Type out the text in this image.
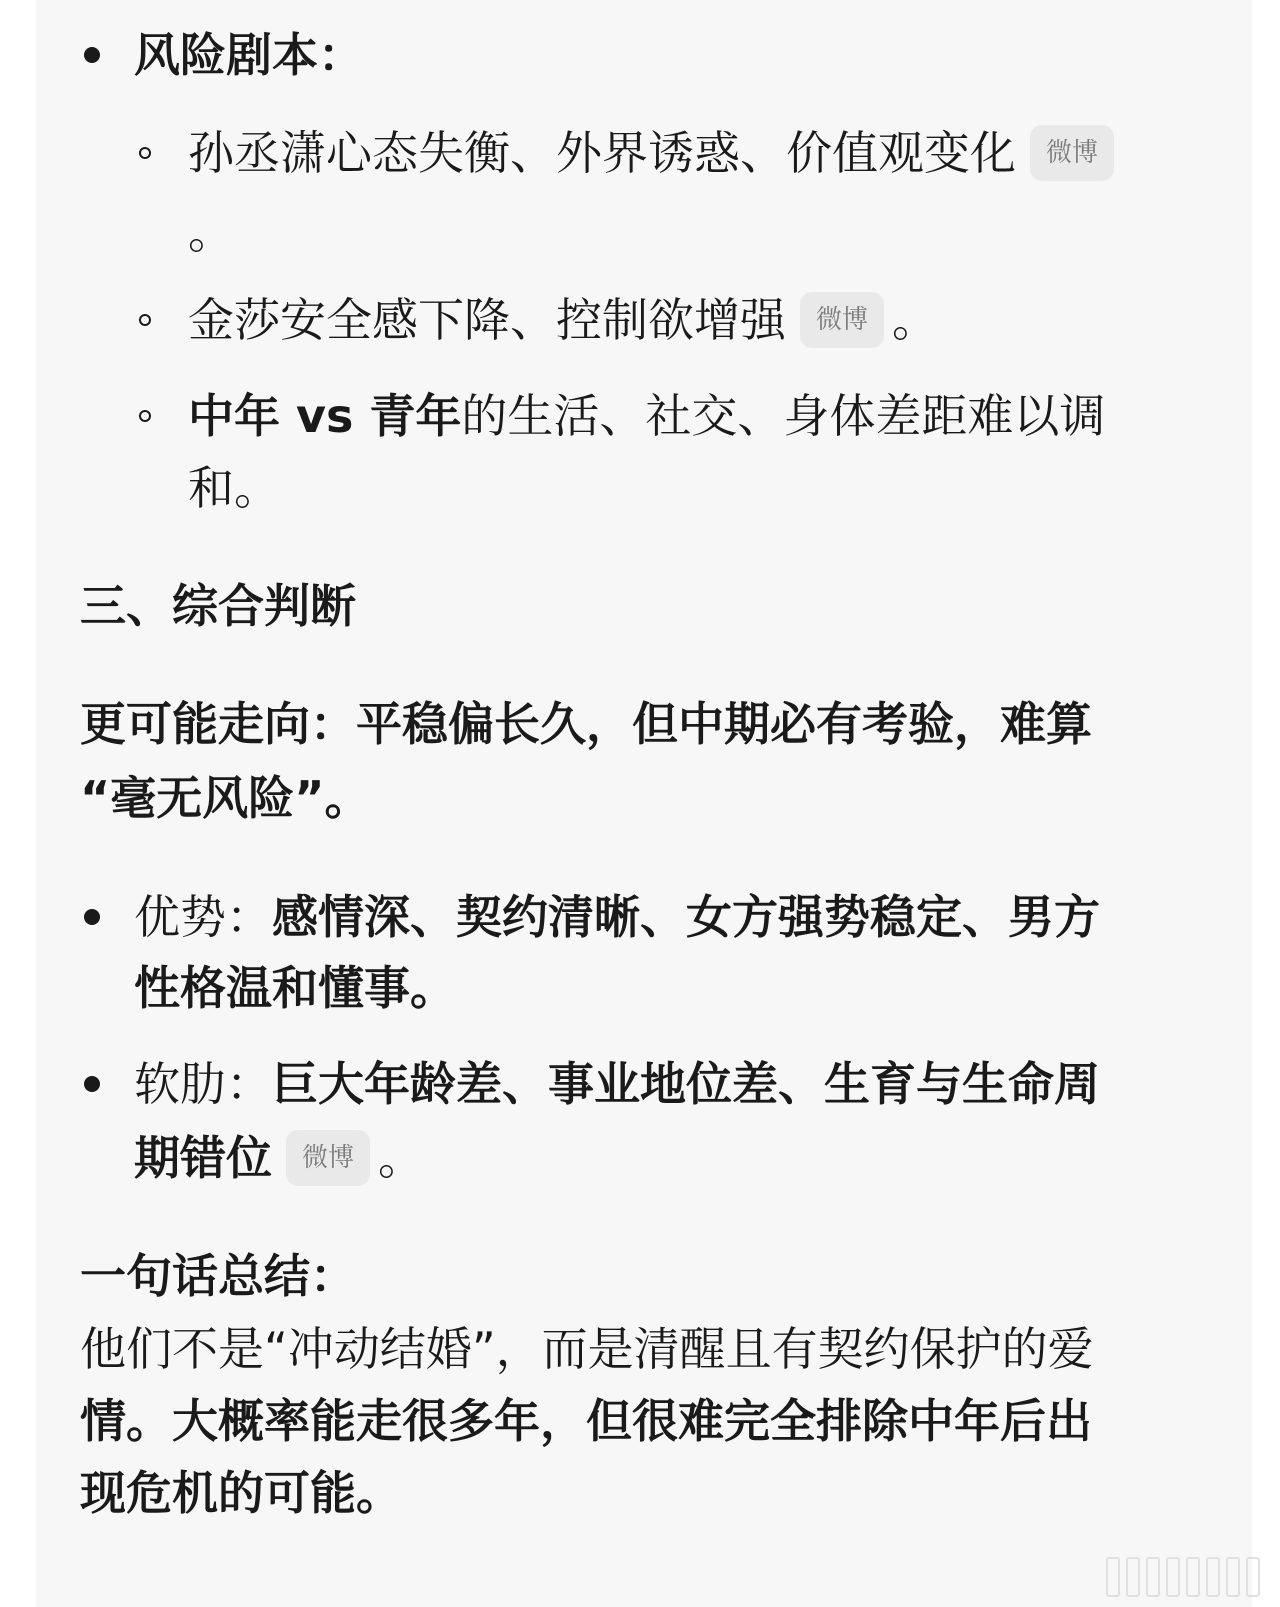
风险剧本：
孙丞潇心态失衡、外界诱惑、价值观变化 微博
。
金莎安全感下降、控制欲增强 微博 。
中年 vs 青年的生活、社交、身体差距难以调
和。
三、综合判断
更可能走向：平稳偏长久，但中期必有考验，难算
“毫无风险”。
优势：感情深、契约清晰、女方强势稳定、男方
性格温和懂事。
软肋：巨大年龄差、事业地位差、生育与生命周
期错位 微博 。
一句话总结：
他们不是“冲动结婚”，而是清醒且有契约保护的爱
情。大概率能走很多年，但很难完全排除中年后出
现危机的可能。
